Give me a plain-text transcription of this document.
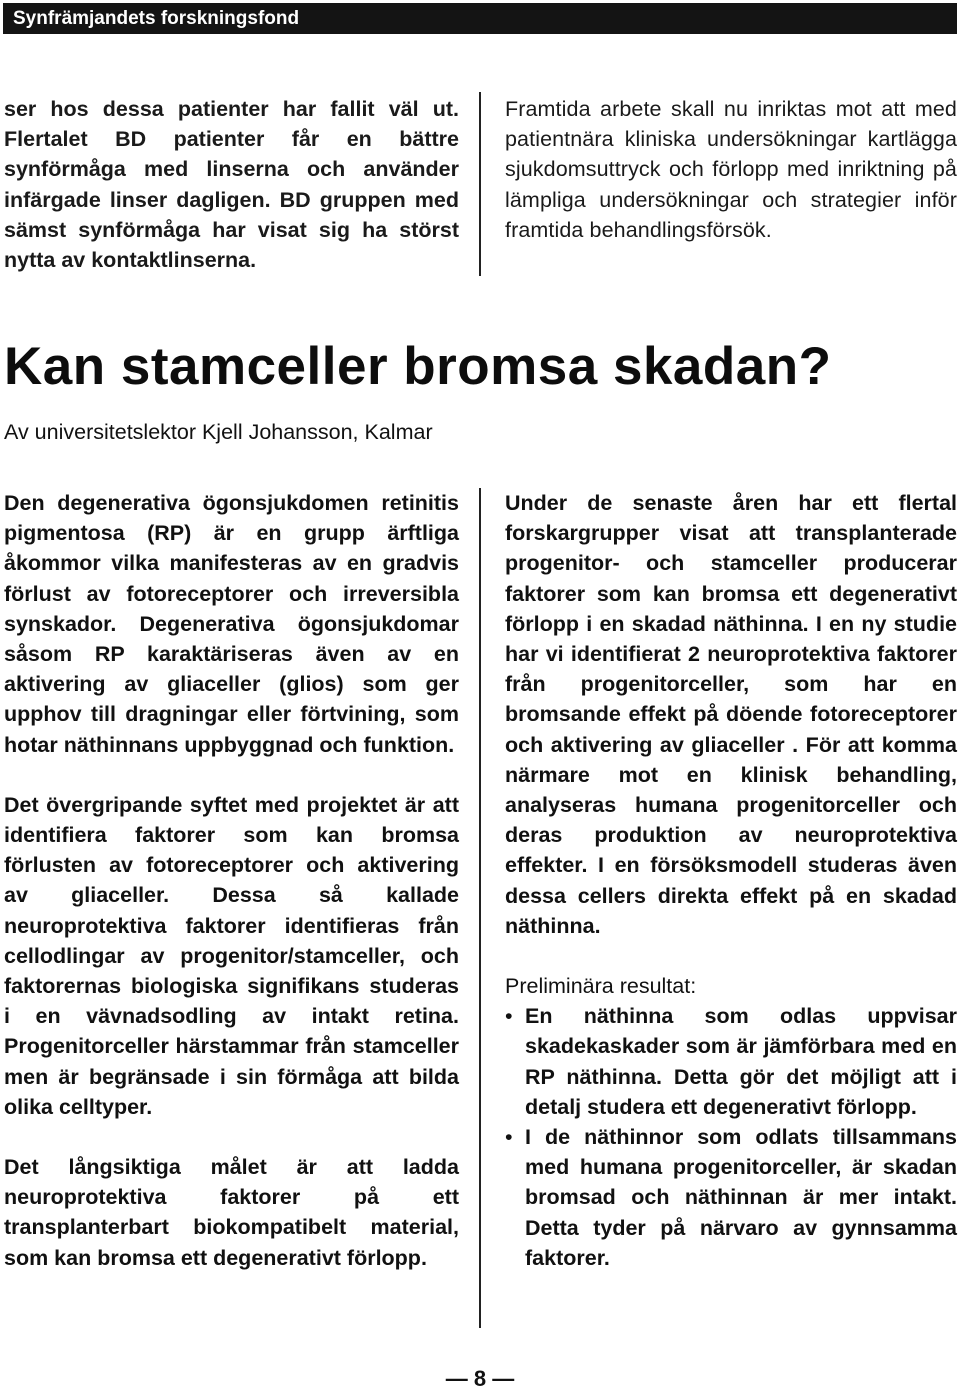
Synfrämjandets forskningsfond

ser hos dessa patienter har fallit väl ut. Flertalet BD patienter får en bättre synförmåga med linserna och använder infärgade linser dagligen. BD gruppen med sämst synförmåga har visat sig ha störst nytta av kontaktlinserna.

Framtida arbete skall nu inriktas mot att med patientnära kliniska undersökningar kartlägga sjukdomsuttryck och förlopp med inriktning på lämpliga undersökningar och strategier inför framtida behandlingsförsök.

Kan stamceller bromsa skadan?

Av universitetslektor Kjell Johansson, Kalmar

Den degenerativa ögonsjukdomen retinitis pigmentosa (RP) är en grupp ärftliga åkommor vilka manifesteras av en gradvis förlust av fotoreceptorer och irreversibla synskador. Degenerativa ögonsjukdomar såsom RP karaktäriseras även av en aktivering av gliaceller (glios) som ger upphov till dragningar eller förtvining, som hotar näthinnans uppbyggnad och funktion.

Det övergripande syftet med projektet är att identifiera faktorer som kan bromsa förlusten av fotoreceptorer och aktivering av gliaceller. Dessa så kallade neuroprotektiva faktorer identifieras från cellodlingar av progenitor/stamceller, och faktorernas biologiska signifikans studeras i en vävnadsodling av intakt retina. Progenitorceller härstammar från stamceller men är begränsade i sin förmåga att bilda olika celltyper.

Det långsiktiga målet är att ladda neuroprotektiva faktorer på ett transplanterbart biokompatibelt material, som kan bromsa ett degenerativt förlopp.

Under de senaste åren har ett flertal forskargrupper visat att transplanterade progenitor- och stamceller producerar faktorer som kan bromsa ett degenerativt förlopp i en skadad näthinna. I en ny studie har vi identifierat 2 neuroprotektiva faktorer från progenitorceller, som har en bromsande effekt på döende fotoreceptorer och aktivering av gliaceller . För att komma närmare mot en klinisk behandling, analyseras humana progenitorceller och deras produktion av neuroprotektiva effekter. I en försöksmodell studeras även dessa cellers direkta effekt på en skadad näthinna.

Preliminära resultat:

• En näthinna som odlas uppvisar skadekaskader som är jämförbara med en RP näthinna. Detta gör det möjligt att i detalj studera ett degenerativt förlopp.
• I de näthinnor som odlats tillsammans med humana progenitorceller, är skadan bromsad och näthinnan är mer intakt. Detta tyder på närvaro av gynnsamma faktorer.

— 8 —
